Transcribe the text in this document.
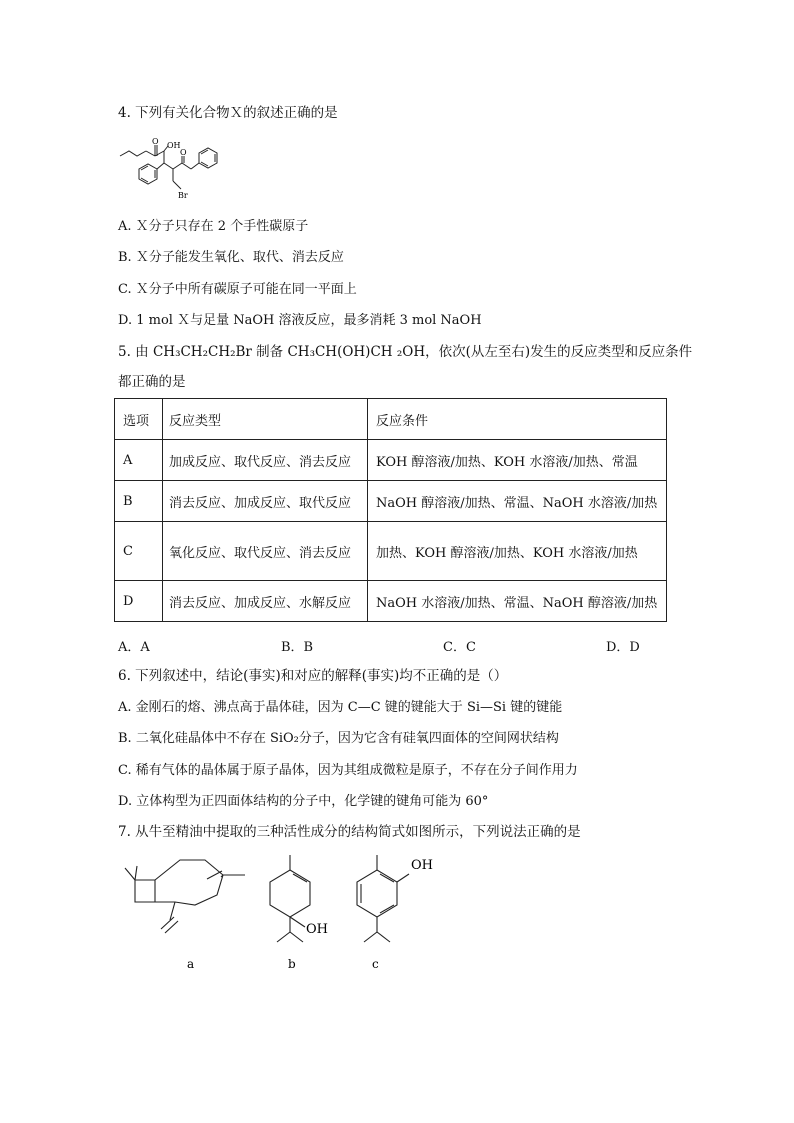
4. 下列有关化合物Ｘ的叙述正确的是
O OH
O
Br
A. Ｘ分子只存在 2 个手性碳原子
B. Ｘ分子能发生氧化、取代、消去反应
C. Ｘ分子中所有碳原子可能在同一平面上
D. 1 mol Ｘ与足量 NaOH 溶液反应，最多消耗 3 mol NaOH
5. 由 CH₃CH₂CH₂Br 制备 CH₃CH(OH)CH ₂OH，依次(从左至右)发生的反应类型和反应条件
都正确的是
选项	反应类型	反应条件
A	加成反应、取代反应、消去反应	KOH 醇溶液/加热、KOH 水溶液/加热、常温
B	消去反应、加成反应、取代反应	NaOH 醇溶液/加热、常温、NaOH 水溶液/加热
C	氧化反应、取代反应、消去反应	加热、KOH 醇溶液/加热、KOH 水溶液/加热
D	消去反应、加成反应、水解反应	NaOH 水溶液/加热、常温、NaOH 醇溶液/加热
A．A	B．B	C．C	D．D
6. 下列叙述中，结论(事实)和对应的解释(事实)均不正确的是（）
A. 金刚石的熔、沸点高于晶体硅，因为 C—C 键的键能大于 Si—Si 键的键能
B. 二氧化硅晶体中不存在 SiO₂分子，因为它含有硅氧四面体的空间网状结构
C. 稀有气体的晶体属于原子晶体，因为其组成微粒是原子，不存在分子间作用力
D. 立体构型为正四面体结构的分子中，化学键的键角可能为 60°
7. 从牛至精油中提取的三种活性成分的结构简式如图所示，下列说法正确的是
OH
OH
a	b	c
